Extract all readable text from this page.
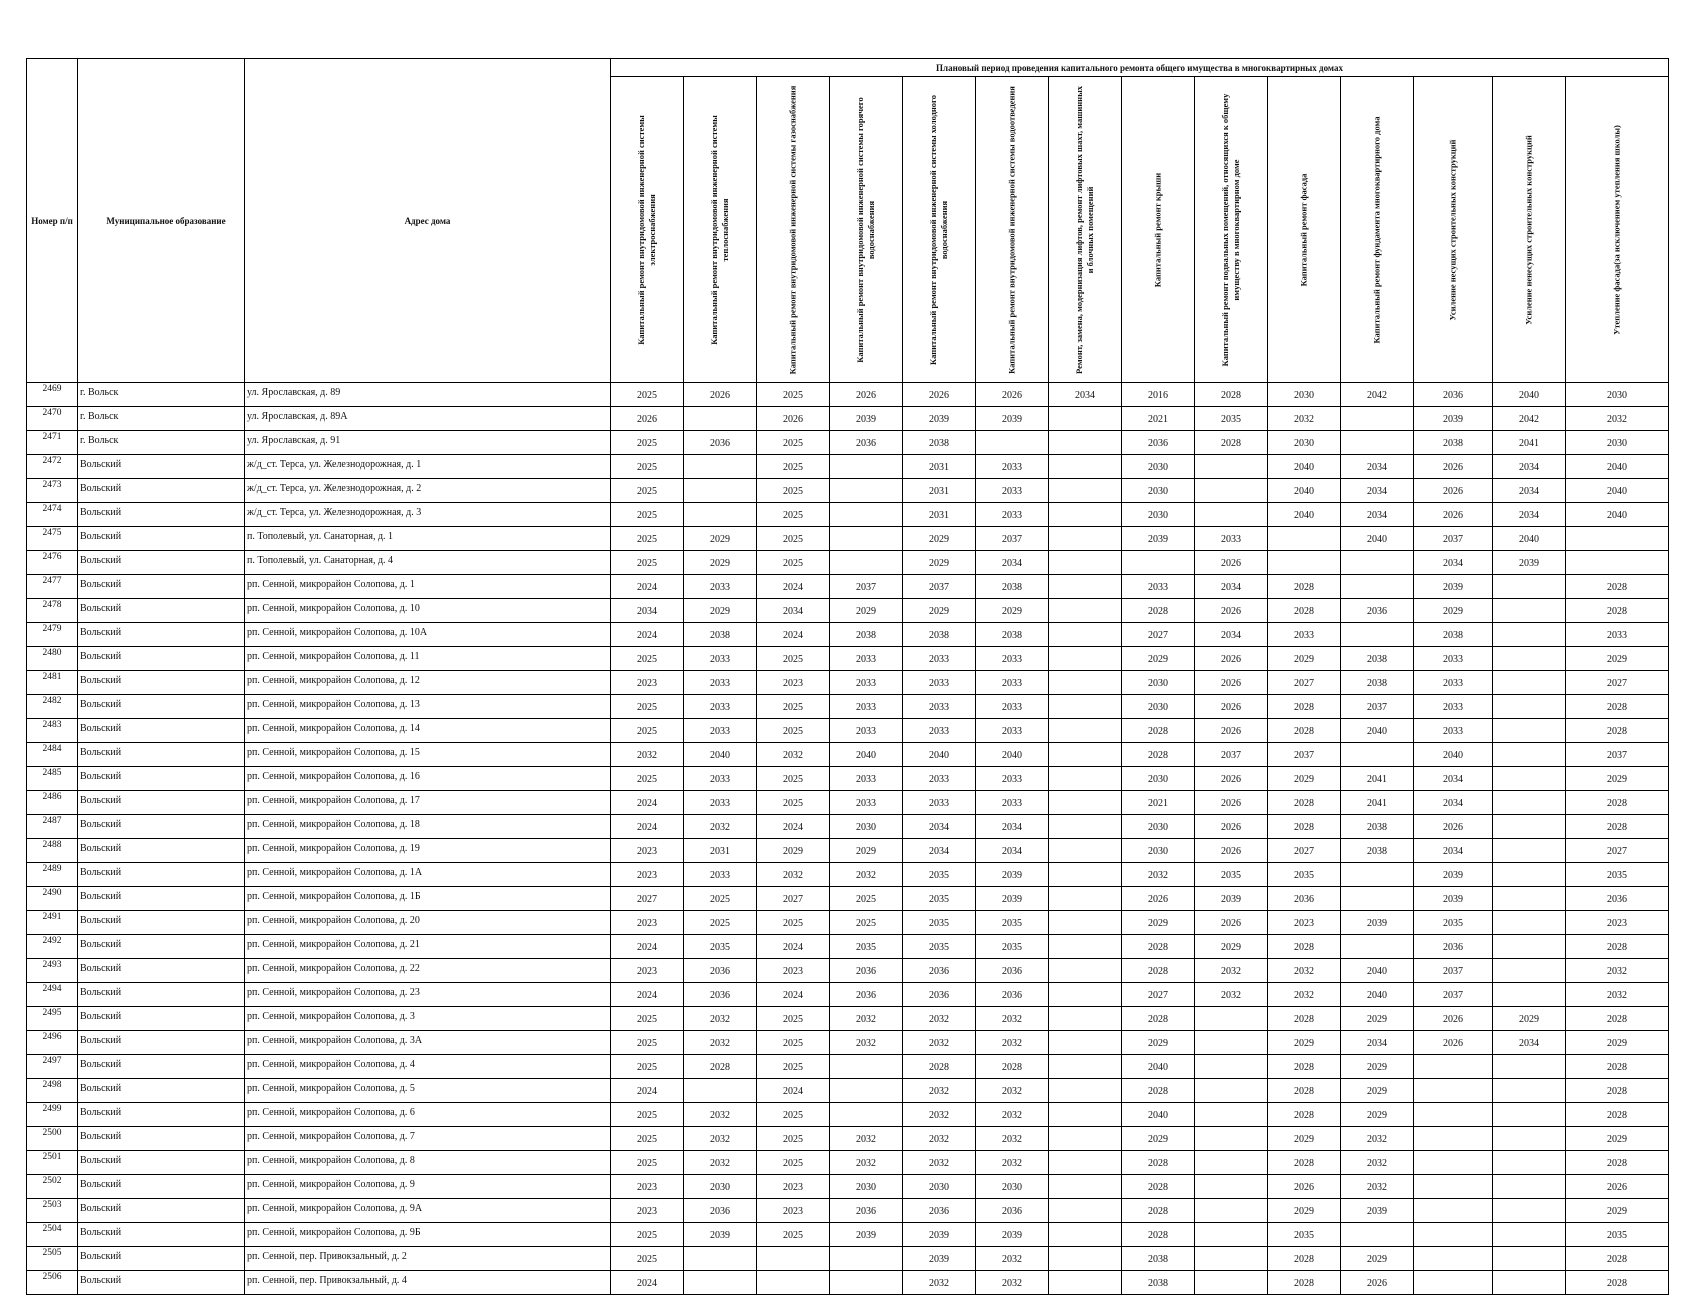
Номер п/п	Муниципальное образование	Адрес дома	Плановый период проведения капитального ремонта общего имущества в многоквартирных домах													

			Капитальный ремонт внутридомовой инженерной системы электроснабжения	Капитальный ремонт внутридомовой инженерной системы теплоснабжения	Капитальный ремонт внутридомовой инженерной системы газоснабжения	Капитальный ремонт внутридомовой инженерной системы горячего водоснабжения	Капитальный ремонт внутридомовой инженерной системы холодного водоснабжения	Капитальный ремонт внутридомовой инженерной системы водоотведения	Ремонт, замена, модернизация лифтов, ремонт лифтовых шахт, машинных и блочных помещений	Капитальный ремонт крыши	Капитальный ремонт подвальных помещений, относящихся к общему имуществу в многоквартирном доме	Капитальный ремонт фасада	Капитальный ремонт фундамента многоквартирного дома	Усиление несущих строительных конструкций	Усиление ненесущих строительных конструкций	Утепление фасада(за исключением утепления школы)

2469	г. Вольск	ул. Ярославская, д. 89	2025	2026	2025	2026	2026	2026	2034	2016	2028	2030	2042	2036	2040	2030
2470	г. Вольск	ул. Ярославская, д. 89А	2026		2026	2039	2039	2039		2021	2035	2032		2039	2042	2032
2471	г. Вольск	ул. Ярославская, д. 91	2025	2036	2025	2036	2038			2036	2028	2030		2038	2041	2030
2472	Вольский	ж/д_ст. Терса, ул. Железнодорожная, д. 1	2025		2025		2031	2033		2030		2040	2034	2026	2034	2040
2473	Вольский	ж/д_ст. Терса, ул. Железнодорожная, д. 2	2025		2025		2031	2033		2030		2040	2034	2026	2034	2040
2474	Вольский	ж/д_ст. Терса, ул. Железнодорожная, д. 3	2025		2025		2031	2033		2030		2040	2034	2026	2034	2040
2475	Вольский	п. Тополевый, ул. Санаторная, д. 1	2025	2029	2025		2029	2037		2039	2033		2040	2037	2040	
2476	Вольский	п. Тополевый, ул. Санаторная, д. 4	2025	2029	2025		2029	2034			2026			2034	2039	
2477	Вольский	рп. Сенной, микрорайон Солопова, д. 1	2024	2033	2024	2037	2037	2038		2033	2034	2028		2039		2028
2478	Вольский	рп. Сенной, микрорайон Солопова, д. 10	2034	2029	2034	2029	2029	2029		2028	2026	2028	2036	2029		2028
2479	Вольский	рп. Сенной, микрорайон Солопова, д. 10А	2024	2038	2024	2038	2038	2038		2027	2034	2033		2038		2033
2480	Вольский	рп. Сенной, микрорайон Солопова, д. 11	2025	2033	2025	2033	2033	2033		2029	2026	2029	2038	2033		2029
2481	Вольский	рп. Сенной, микрорайон Солопова, д. 12	2023	2033	2023	2033	2033	2033		2030	2026	2027	2038	2033		2027
2482	Вольский	рп. Сенной, микрорайон Солопова, д. 13	2025	2033	2025	2033	2033	2033		2030	2026	2028	2037	2033		2028
2483	Вольский	рп. Сенной, микрорайон Солопова, д. 14	2025	2033	2025	2033	2033	2033		2028	2026	2028	2040	2033		2028
2484	Вольский	рп. Сенной, микрорайон Солопова, д. 15	2032	2040	2032	2040	2040	2040		2028	2037	2037		2040		2037
2485	Вольский	рп. Сенной, микрорайон Солопова, д. 16	2025	2033	2025	2033	2033	2033		2030	2026	2029	2041	2034		2029
2486	Вольский	рп. Сенной, микрорайон Солопова, д. 17	2024	2033	2025	2033	2033	2033		2021	2026	2028	2041	2034		2028
2487	Вольский	рп. Сенной, микрорайон Солопова, д. 18	2024	2032	2024	2030	2034	2034		2030	2026	2028	2038	2026		2028
2488	Вольский	рп. Сенной, микрорайон Солопова, д. 19	2023	2031	2029	2029	2034	2034		2030	2026	2027	2038	2034		2027
2489	Вольский	рп. Сенной, микрорайон Солопова, д. 1А	2023	2033	2032	2032	2035	2039		2032	2035	2035		2039		2035
2490	Вольский	рп. Сенной, микрорайон Солопова, д. 1Б	2027	2025	2027	2025	2035	2039		2026	2039	2036		2039		2036
2491	Вольский	рп. Сенной, микрорайон Солопова, д. 20	2023	2025	2025	2025	2035	2035		2029	2026	2023	2039	2035		2023
2492	Вольский	рп. Сенной, микрорайон Солопова, д. 21	2024	2035	2024	2035	2035	2035		2028	2029	2028		2036		2028
2493	Вольский	рп. Сенной, микрорайон Солопова, д. 22	2023	2036	2023	2036	2036	2036		2028	2032	2032	2040	2037		2032
2494	Вольский	рп. Сенной, микрорайон Солопова, д. 23	2024	2036	2024	2036	2036	2036		2027	2032	2032	2040	2037		2032
2495	Вольский	рп. Сенной, микрорайон Солопова, д. 3	2025	2032	2025	2032	2032	2032		2028		2028	2029	2026	2029	2028
2496	Вольский	рп. Сенной, микрорайон Солопова, д. 3А	2025	2032	2025	2032	2032	2032		2029		2029	2034	2026	2034	2029
2497	Вольский	рп. Сенной, микрорайон Солопова, д. 4	2025	2028	2025		2028	2028		2040		2028	2029			2028
2498	Вольский	рп. Сенной, микрорайон Солопова, д. 5	2024		2024		2032	2032		2028		2028	2029			2028
2499	Вольский	рп. Сенной, микрорайон Солопова, д. 6	2025	2032	2025		2032	2032		2040		2028	2029			2028
2500	Вольский	рп. Сенной, микрорайон Солопова, д. 7	2025	2032	2025	2032	2032	2032		2029		2029	2032			2029
2501	Вольский	рп. Сенной, микрорайон Солопова, д. 8	2025	2032	2025	2032	2032	2032		2028		2028	2032			2028
2502	Вольский	рп. Сенной, микрорайон Солопова, д. 9	2023	2030	2023	2030	2030	2030		2028		2026	2032			2026
2503	Вольский	рп. Сенной, микрорайон Солопова, д. 9А	2023	2036	2023	2036	2036	2036		2028		2029	2039			2029
2504	Вольский	рп. Сенной, микрорайон Солопова, д. 9Б	2025	2039	2025	2039	2039	2039		2028		2035				2035
2505	Вольский	рп. Сенной, пер. Привокзальный, д. 2	2025				2039	2032		2038		2028	2029			2028
2506	Вольский	рп. Сенной, пер. Привокзальный, д. 4	2024				2032	2032		2038		2028	2026			2028
